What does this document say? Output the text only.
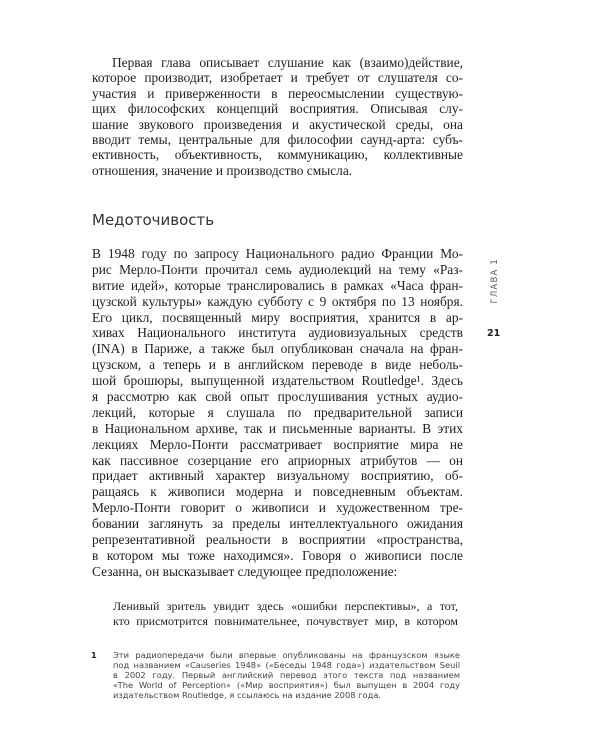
Первая глава описывает слушание как (взаимо)действие,
которое производит, изобретает и требует от слушателя со-
участия и приверженности в переосмыслении существую-
щих философских концепций восприятия. Описывая слу-
шание звукового произведения и акустической среды, она
вводит темы, центральные для философии саунд-арта: субъ-
ективность, объективность, коммуникацию, коллективные
отношения, значение и производство смысла.
Медоточивость
В 1948 году по запросу Национального радио Франции Мо-
рис Мерло-Понти прочитал семь аудиолекций на тему «Раз-
витие идей», которые транслировались в рамках «Часа фран-
цузской культуры» каждую субботу с 9 октября по 13 ноября.
Его цикл, посвященный миру восприятия, хранится в ар-
хивах Национального института аудиовизуальных средств
(INA) в Париже, а также был опубликован сначала на фран-
цузском, а теперь и в английском переводе в виде неболь-
шой брошюры, выпущенной издательством Routledge¹. Здесь
я рассмотрю как свой опыт прослушивания устных аудио-
лекций, которые я слушала по предварительной записи
в Национальном архиве, так и письменные варианты. В этих
лекциях Мерло-Понти рассматривает восприятие мира не
как пассивное созерцание его априорных атрибутов — он
придает активный характер визуальному восприятию, об-
ращаясь к живописи модерна и повседневным объектам.
Мерло-Понти говорит о живописи и художественном тре-
бовании заглянуть за пределы интеллектуального ожидания
репрезентативной реальности в восприятии «пространства,
в котором мы тоже находимся». Говоря о живописи после
Сезанна, он высказывает следующее предположение:
Ленивый зритель увидит здесь «ошибки перспективы», а тот,
кто присмотрится повнимательнее, почувствует мир, в котором
1 Эти радиопередачи были впервые опубликованы на французском языке
под названием «Causeries 1948» («Беседы 1948 года») издательством Seuil
в 2002 году. Первый английский перевод этого текста под названием
«The World of Perception» («Мир восприятия») был выпущен в 2004 году
издательством Routledge, я ссылаюсь на издание 2008 года.
ГЛАВА 1
21
